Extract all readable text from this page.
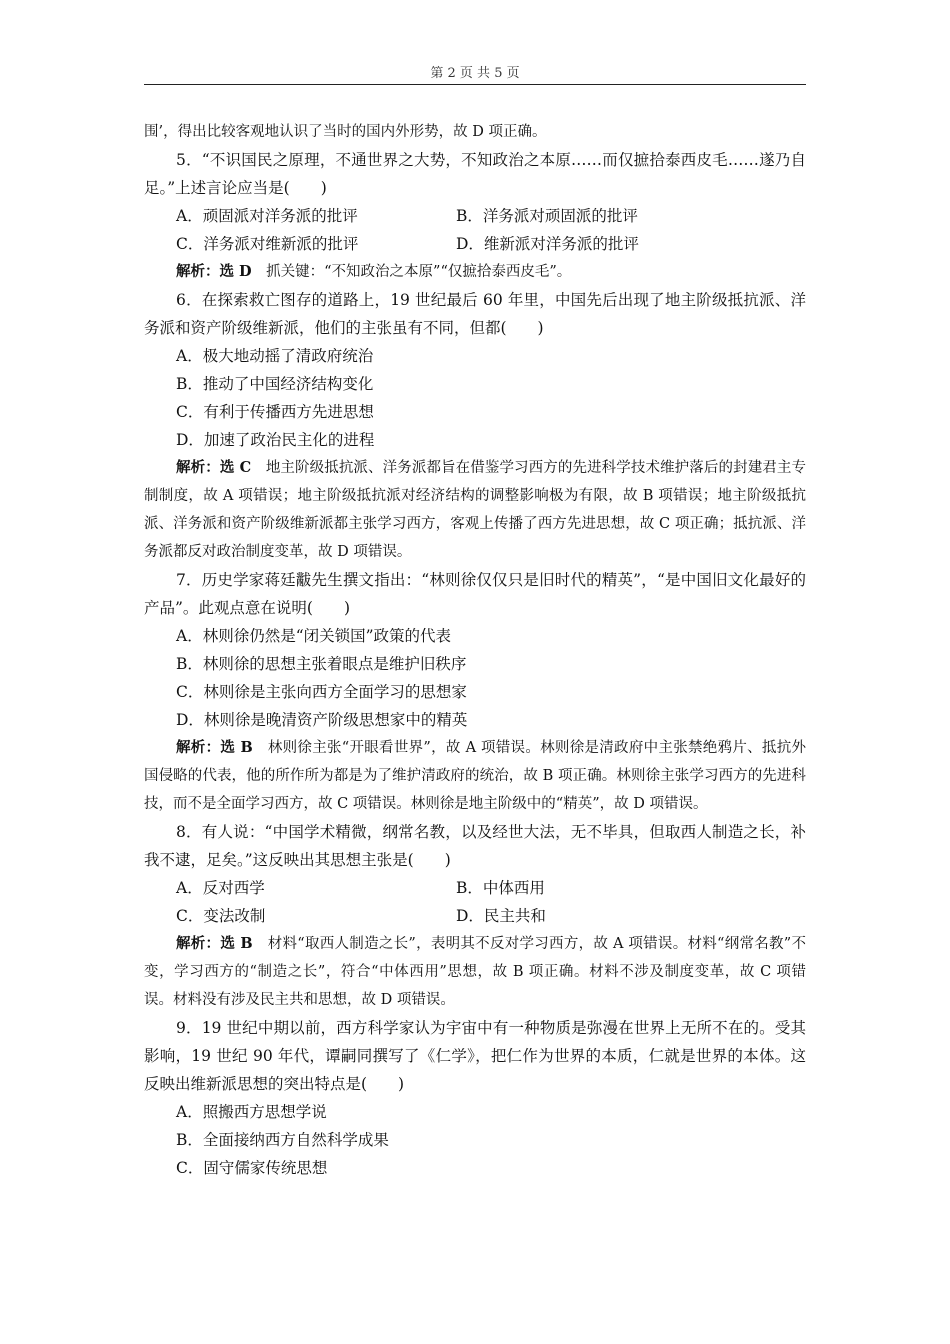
第 2 页 共 5 页

围’，得出比较客观地认识了当时的国内外形势，故 D 项正确。

5．“不识国民之原理，不通世界之大势，不知政治之本原……而仅摭拾泰西皮毛……遂乃自足。”上述言论应当是(　　)

A．顽固派对洋务派的批评	B．洋务派对顽固派的批评
C．洋务派对维新派的批评	D．维新派对洋务派的批评

解析：选 D　抓关键：“不知政治之本原”“仅摭拾泰西皮毛”。

6．在探索救亡图存的道路上，19 世纪最后 60 年里，中国先后出现了地主阶级抵抗派、洋务派和资产阶级维新派，他们的主张虽有不同，但都(　　)

A．极大地动摇了清政府统治

B．推动了中国经济结构变化

C．有利于传播西方先进思想

D．加速了政治民主化的进程

解析：选 C　地主阶级抵抗派、洋务派都旨在借鉴学习西方的先进科学技术维护落后的封建君主专制制度，故 A 项错误；地主阶级抵抗派对经济结构的调整影响极为有限，故 B 项错误；地主阶级抵抗派、洋务派和资产阶级维新派都主张学习西方，客观上传播了西方先进思想，故 C 项正确；抵抗派、洋务派都反对政治制度变革，故 D 项错误。

7．历史学家蒋廷黻先生撰文指出：“林则徐仅仅只是旧时代的精英”，“是中国旧文化最好的产品”。此观点意在说明(　　)

A．林则徐仍然是“闭关锁国”政策的代表

B．林则徐的思想主张着眼点是维护旧秩序

C．林则徐是主张向西方全面学习的思想家

D．林则徐是晚清资产阶级思想家中的精英

解析：选 B　林则徐主张“开眼看世界”，故 A 项错误。林则徐是清政府中主张禁绝鸦片、抵抗外国侵略的代表，他的所作所为都是为了维护清政府的统治，故 B 项正确。林则徐主张学习西方的先进科技，而不是全面学习西方，故 C 项错误。林则徐是地主阶级中的“精英”，故 D 项错误。

8．有人说：“中国学术精微，纲常名教，以及经世大法，无不毕具，但取西人制造之长，补我不逮，足矣。”这反映出其思想主张是(　　)

A．反对西学	B．中体西用
C．变法改制	D．民主共和

解析：选 B　材料“取西人制造之长”，表明其不反对学习西方，故 A 项错误。材料“纲常名教”不变，学习西方的“制造之长”，符合“中体西用”思想，故 B 项正确。材料不涉及制度变革，故 C 项错误。材料没有涉及民主共和思想，故 D 项错误。

9．19 世纪中期以前，西方科学家认为宇宙中有一种物质是弥漫在世界上无所不在的。受其影响，19 世纪 90 年代，谭嗣同撰写了《仁学》，把仁作为世界的本质，仁就是世界的本体。这反映出维新派思想的突出特点是(　　)

A．照搬西方思想学说

B．全面接纳西方自然科学成果

C．固守儒家传统思想
